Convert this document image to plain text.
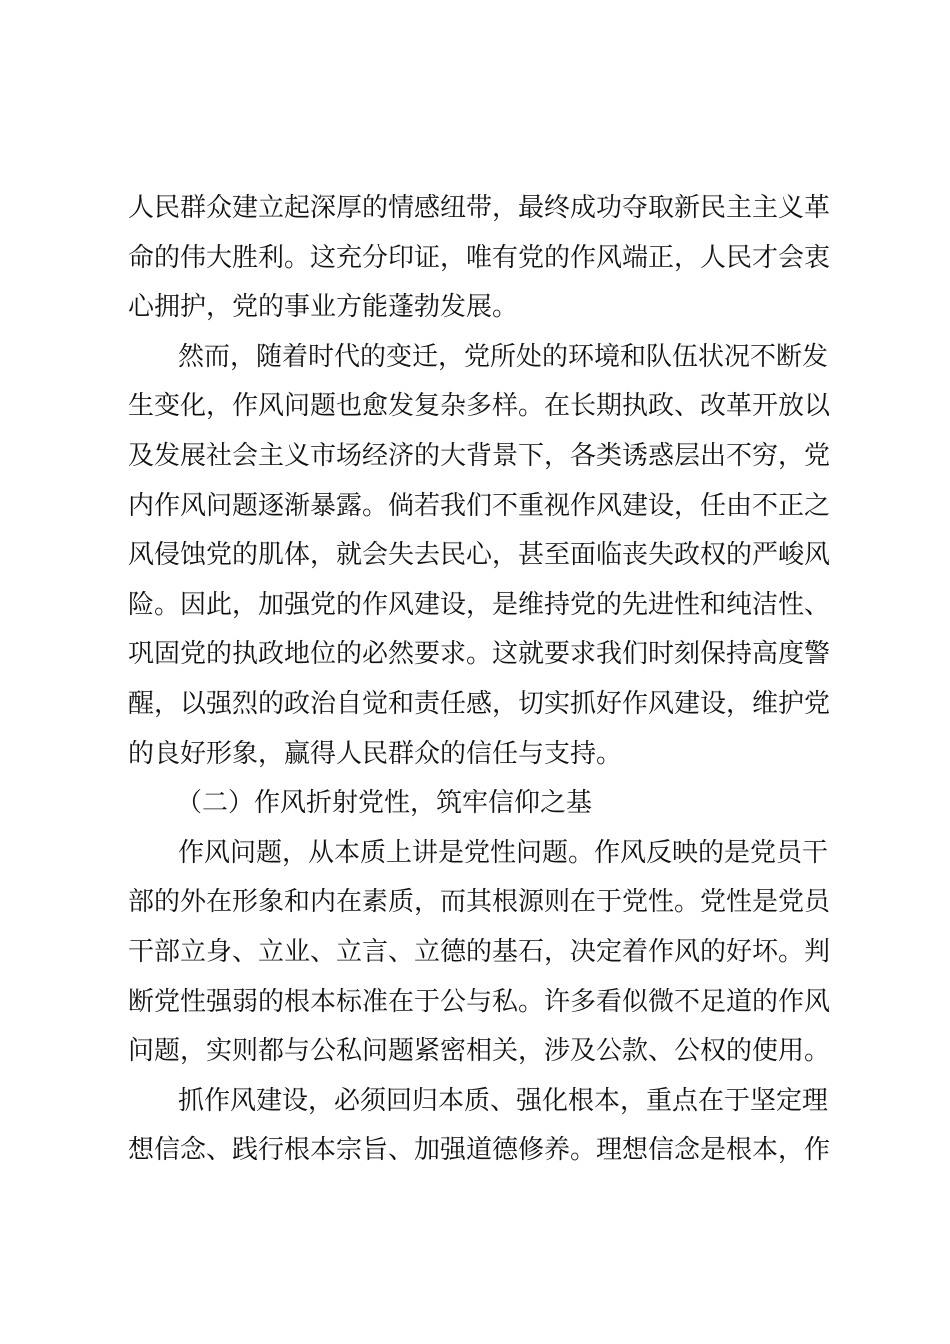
人民群众建立起深厚的情感纽带，最终成功夺取新民主主义革
命的伟大胜利。这充分印证，唯有党的作风端正，人民才会衷
心拥护，党的事业方能蓬勃发展。
然而，随着时代的变迁，党所处的环境和队伍状况不断发
生变化，作风问题也愈发复杂多样。在长期执政、改革开放以
及发展社会主义市场经济的大背景下，各类诱惑层出不穷，党
内作风问题逐渐暴露。倘若我们不重视作风建设，任由不正之
风侵蚀党的肌体，就会失去民心，甚至面临丧失政权的严峻风
险。因此，加强党的作风建设，是维持党的先进性和纯洁性、
巩固党的执政地位的必然要求。这就要求我们时刻保持高度警
醒，以强烈的政治自觉和责任感，切实抓好作风建设，维护党
的良好形象，赢得人民群众的信任与支持。
（二）作风折射党性，筑牢信仰之基
作风问题，从本质上讲是党性问题。作风反映的是党员干
部的外在形象和内在素质，而其根源则在于党性。党性是党员
干部立身、立业、立言、立德的基石，决定着作风的好坏。判
断党性强弱的根本标准在于公与私。许多看似微不足道的作风
问题，实则都与公私问题紧密相关，涉及公款、公权的使用。
抓作风建设，必须回归本质、强化根本，重点在于坚定理
想信念、践行根本宗旨、加强道德修养。理想信念是根本，作
